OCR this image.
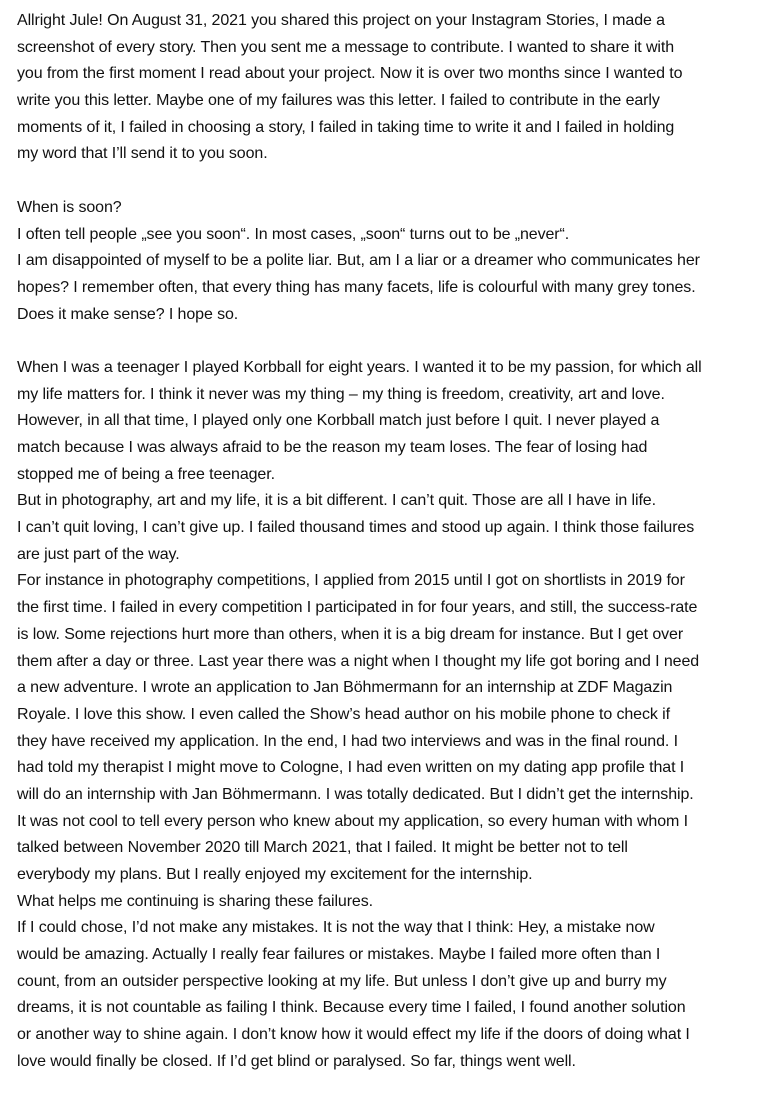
Allright Jule! On August 31, 2021 you shared this project on your Instagram Stories, I made a
screenshot of every story. Then you sent me a message to contribute. I wanted to share it with
you from the first moment I read about your project. Now it is over two months since I wanted to
write you this letter. Maybe one of my failures was this letter. I failed to contribute in the early
moments of it, I failed in choosing a story, I failed in taking time to write it and I failed in holding
my word that I’ll send it to you soon.
When is soon?
I often tell people „see you soon“. In most cases, „soon“ turns out to be „never“.
I am disappointed of myself to be a polite liar. But, am I a liar or a dreamer who communicates her
hopes? I remember often, that every thing has many facets, life is colourful with many grey tones.
Does it make sense? I hope so.
When I was a teenager I played Korbball for eight years. I wanted it to be my passion, for which all
my life matters for. I think it never was my thing – my thing is freedom, creativity, art and love.
However, in all that time, I played only one Korbball match just before I quit. I never played a
match because I was always afraid to be the reason my team loses. The fear of losing had
stopped me of being a free teenager.
But in photography, art and my life, it is a bit different. I can’t quit. Those are all I have in life.
I can’t quit loving, I can’t give up. I failed thousand times and stood up again. I think those failures
are just part of the way.
For instance in photography competitions, I applied from 2015 until I got on shortlists in 2019 for
the first time. I failed in every competition I participated in for four years, and still, the success-rate
is low. Some rejections hurt more than others, when it is a big dream for instance. But I get over
them after a day or three. Last year there was a night when I thought my life got boring and I need
a new adventure. I wrote an application to Jan Böhmermann for an internship at ZDF Magazin
Royale. I love this show. I even called the Show’s head author on his mobile phone to check if
they have received my application. In the end, I had two interviews and was in the final round. I
had told my therapist I might move to Cologne, I had even written on my dating app profile that I
will do an internship with Jan Böhmermann. I was totally dedicated. But I didn’t get the internship.
It was not cool to tell every person who knew about my application, so every human with whom I
talked between November 2020 till March 2021, that I failed. It might be better not to tell
everybody my plans. But I really enjoyed my excitement for the internship.
What helps me continuing is sharing these failures.
If I could chose, I’d not make any mistakes. It is not the way that I think: Hey, a mistake now
would be amazing. Actually I really fear failures or mistakes. Maybe I failed more often than I
count, from an outsider perspective looking at my life. But unless I don’t give up and burry my
dreams, it is not countable as failing I think. Because every time I failed, I found another solution
or another way to shine again. I don’t know how it would effect my life if the doors of doing what I
love would finally be closed. If I’d get blind or paralysed. So far, things went well.
